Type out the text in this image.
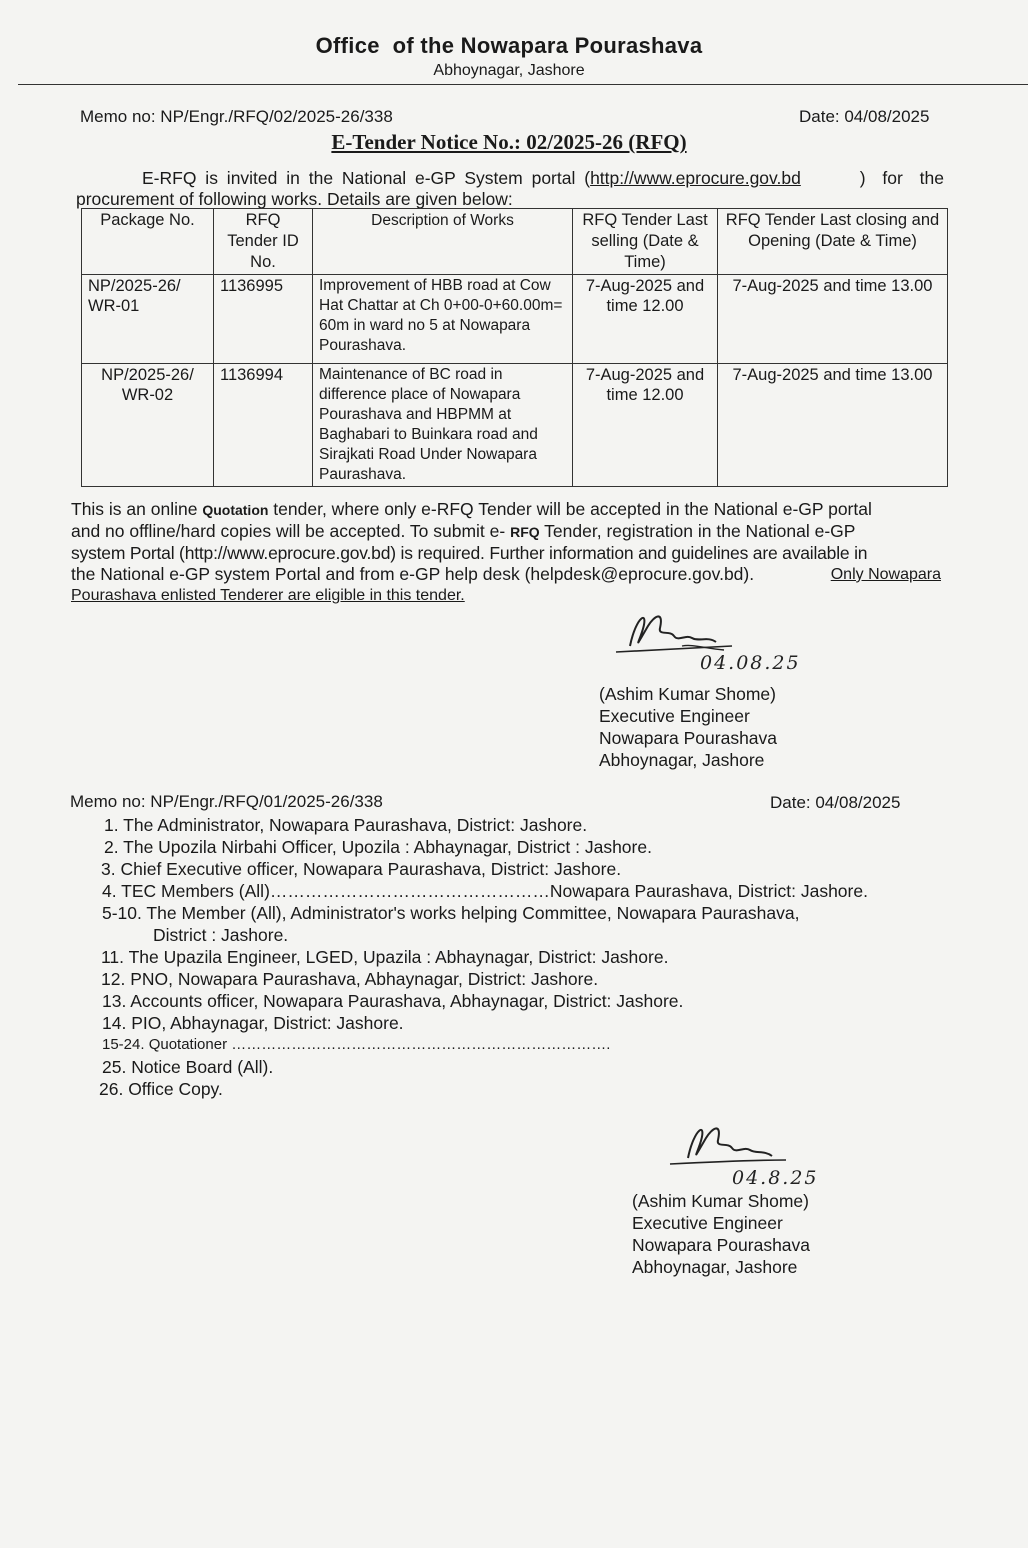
Office  of the Nowapara Pourashava
Abhoynagar, Jashore
Memo no: NP/Engr./RFQ/02/2025-26/338	Date: 04/08/2025
E-Tender Notice No.: 02/2025-26 (RFQ)
E-RFQ is invited in the National e-GP System portal ( http://www.eprocure.gov.bd	) for the
procurement of following works. Details are given below:
Package No.	RFQ Tender ID No.	Description of Works	RFQ Tender Last selling (Date & Time)	RFQ Tender Last closing and Opening (Date & Time)
NP/2025-26/ WR-01	1136995	Improvement of HBB road at Cow Hat Chattar at Ch 0+00-0+60.00m= 60m in ward no 5 at Nowapara Pourashava.	7-Aug-2025 and time 12.00	7-Aug-2025 and time 13.00
NP/2025-26/ WR-02	1136994	Maintenance of BC road in difference place of Nowapara Pourashava and HBPMM at Baghabari to Buinkara road and Sirajkati Road Under Nowapara Paurashava.	7-Aug-2025 and time 12.00	7-Aug-2025 and time 13.00
This is an online Quotation tender, where only e-RFQ Tender will be accepted in the National e-GP portal
and no offline/hard copies will be accepted. To submit e- RFQ Tender, registration in the National e-GP
system Portal (http://www.eprocure.gov.bd) is required. Further information and guidelines are available in
the National e-GP system Portal and from e-GP help desk (helpdesk@eprocure.gov.bd).	Only Nowapara
Pourashava enlisted Tenderer are eligible in this tender.
04.08.25
(Ashim Kumar Shome)
Executive Engineer
Nowapara Pourashava
Abhoynagar, Jashore
Memo no: NP/Engr./RFQ/01/2025-26/338	Date: 04/08/2025
1. The Administrator, Nowapara Paurashava, District: Jashore.
2. The Upozila Nirbahi Officer, Upozila : Abhaynagar, District : Jashore.
3. Chief Executive officer, Nowapara Paurashava, District: Jashore.
4. TEC Members (All)…………………………………………Nowapara Paurashava, District: Jashore.
5-10. The Member (All), Administrator's works helping Committee, Nowapara Paurashava,
District : Jashore.
11. The Upazila Engineer, LGED, Upazila : Abhaynagar, District: Jashore.
12. PNO, Nowapara Paurashava, Abhaynagar, District: Jashore.
13. Accounts officer, Nowapara Paurashava, Abhaynagar, District: Jashore.
14. PIO, Abhaynagar, District: Jashore.
15-24. Quotationer ………………………………………………………………….
25. Notice Board (All).
26. Office Copy.
04.8.25
(Ashim Kumar Shome)
Executive Engineer
Nowapara Pourashava
Abhoynagar, Jashore
